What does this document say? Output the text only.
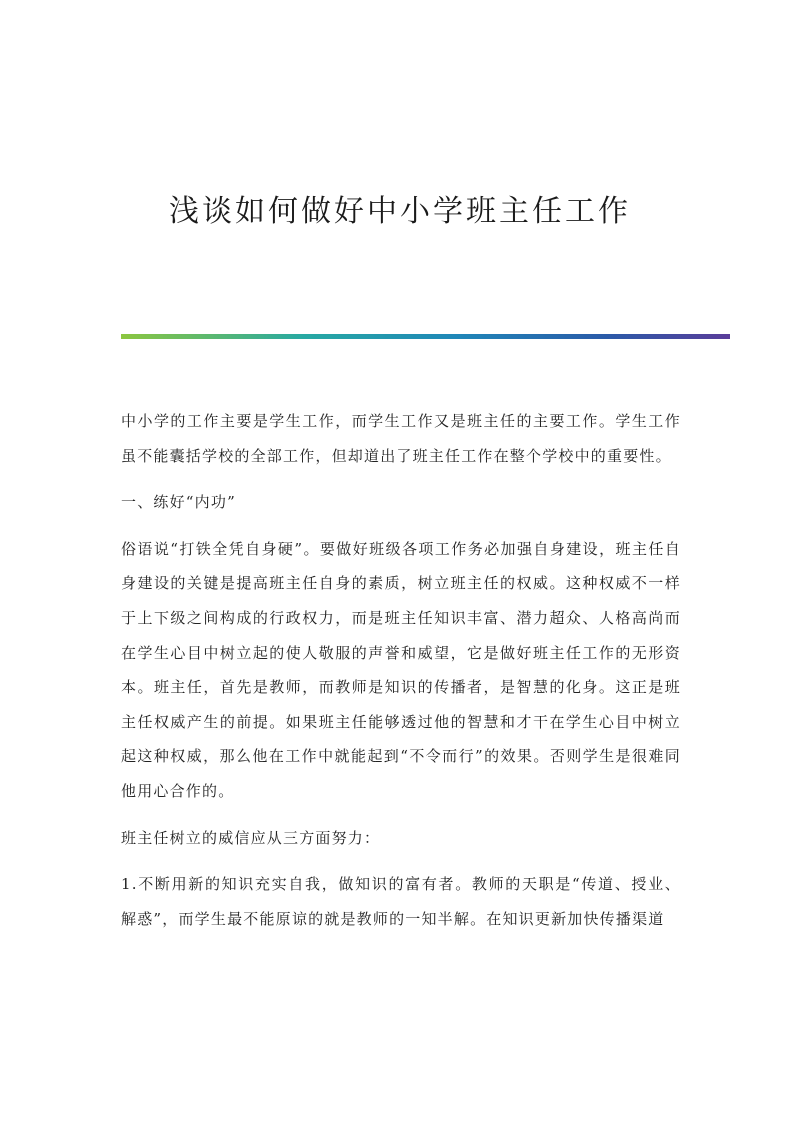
浅谈如何做好中小学班主任工作

中小学的工作主要是学生工作，而学生工作又是班主任的主要工作。学生工作虽不能囊括学校的全部工作，但却道出了班主任工作在整个学校中的重要性。

一、练好“内功”

俗语说“打铁全凭自身硬”。要做好班级各项工作务必加强自身建设，班主任自身建设的关键是提高班主任自身的素质，树立班主任的权威。这种权威不一样于上下级之间构成的行政权力，而是班主任知识丰富、潜力超众、人格高尚而在学生心目中树立起的使人敬服的声誉和威望，它是做好班主任工作的无形资本。班主任，首先是教师，而教师是知识的传播者，是智慧的化身。这正是班主任权威产生的前提。如果班主任能够透过他的智慧和才干在学生心目中树立起这种权威，那么他在工作中就能起到“不令而行”的效果。否则学生是很难同他用心合作的。

班主任树立的威信应从三方面努力：

1.不断用新的知识充实自我，做知识的富有者。教师的天职是“传道、授业、解惑”，而学生最不能原谅的就是教师的一知半解。在知识更新加快传播渠道
